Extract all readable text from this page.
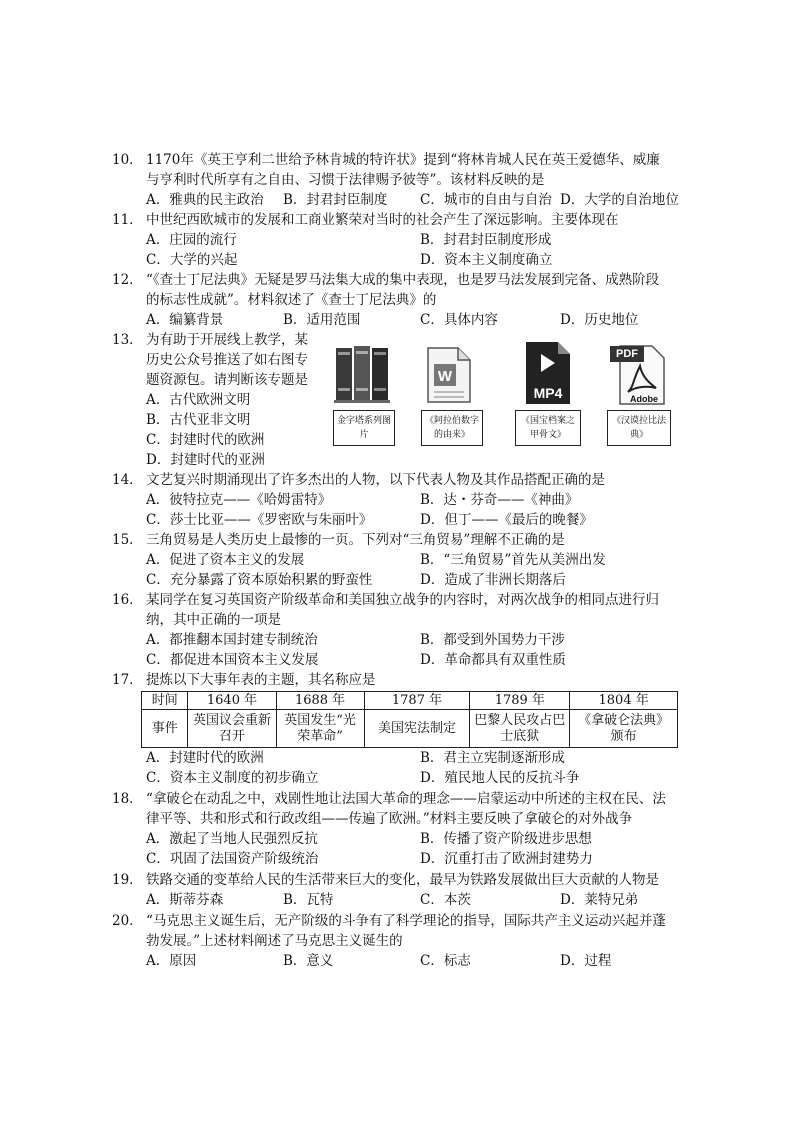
10． 1170年《英王亨利二世给予林肯城的特许状》提到“将林肯城人民在英王爱德华、威廉
与亨利时代所享有之自由、习惯于法律赐予彼等”。该材料反映的是
A．雅典的民主政治 B．封君封臣制度 C．城市的自由与自治 D．大学的自治地位
11． 中世纪西欧城市的发展和工商业繁荣对当时的社会产生了深远影响。主要体现在
A．庄园的流行	B．封君封臣制度形成
C．大学的兴起	D．资本主义制度确立
12． “《查士丁尼法典》无疑是罗马法集大成的集中表现，也是罗马法发展到完备、成熟阶段
的标志性成就”。材料叙述了《查士丁尼法典》的
A．编纂背景	B．适用范围	C．具体内容	D．历史地位
13． 为有助于开展线上教学，某
历史公众号推送了如右图专
题资源包。请判断该专题是
A．古代欧洲文明
B．古代亚非文明
C．封建时代的欧洲
D．封建时代的亚洲
金字塔系列图片
W
《阿拉伯数字的由来》
MP4
《国宝档案之甲骨文》
PDF
Adobe
《汉谟拉比法典》
14． 文艺复兴时期涌现出了许多杰出的人物，以下代表人物及其作品搭配正确的是
A．彼特拉克——《哈姆雷特》	B．达・芬奇——《神曲》
C．莎士比亚——《罗密欧与朱丽叶》	D．但丁——《最后的晚餐》
15． 三角贸易是人类历史上最惨的一页。下列对“三角贸易”理解不正确的是
A．促进了资本主义的发展	B．“三角贸易”首先从美洲出发
C．充分暴露了资本原始积累的野蛮性	D．造成了非洲长期落后
16． 某同学在复习英国资产阶级革命和美国独立战争的内容时，对两次战争的相同点进行归
纳，其中正确的一项是
A．都推翻本国封建专制统治	B．都受到外国势力干涉
C．都促进本国资本主义发展	D．革命都具有双重性质
17． 提炼以下大事年表的主题，其名称应是
时间	1640 年	1688 年	1787 年	1789 年	1804 年
事件	英国议会重新召开	英国发生“光荣革命”	美国宪法制定	巴黎人民攻占巴士底狱	《拿破仑法典》颁布
A．封建时代的欧洲	B．君主立宪制逐渐形成
C．资本主义制度的初步确立	D．殖民地人民的反抗斗争
18． “拿破仑在动乱之中，戏剧性地让法国大革命的理念——启蒙运动中所述的主权在民、法
律平等、共和形式和行政改组——传遍了欧洲。”材料主要反映了拿破仑的对外战争
A．激起了当地人民强烈反抗	B．传播了资产阶级进步思想
C．巩固了法国资产阶级统治	D．沉重打击了欧洲封建势力
19． 铁路交通的变革给人民的生活带来巨大的变化，最早为铁路发展做出巨大贡献的人物是
A．斯蒂芬森	B．瓦特	C．本茨	D．莱特兄弟
20． “马克思主义诞生后，无产阶级的斗争有了科学理论的指导，国际共产主义运动兴起并蓬
勃发展。”上述材料阐述了马克思主义诞生的
A．原因	B．意义	C．标志	D．过程
